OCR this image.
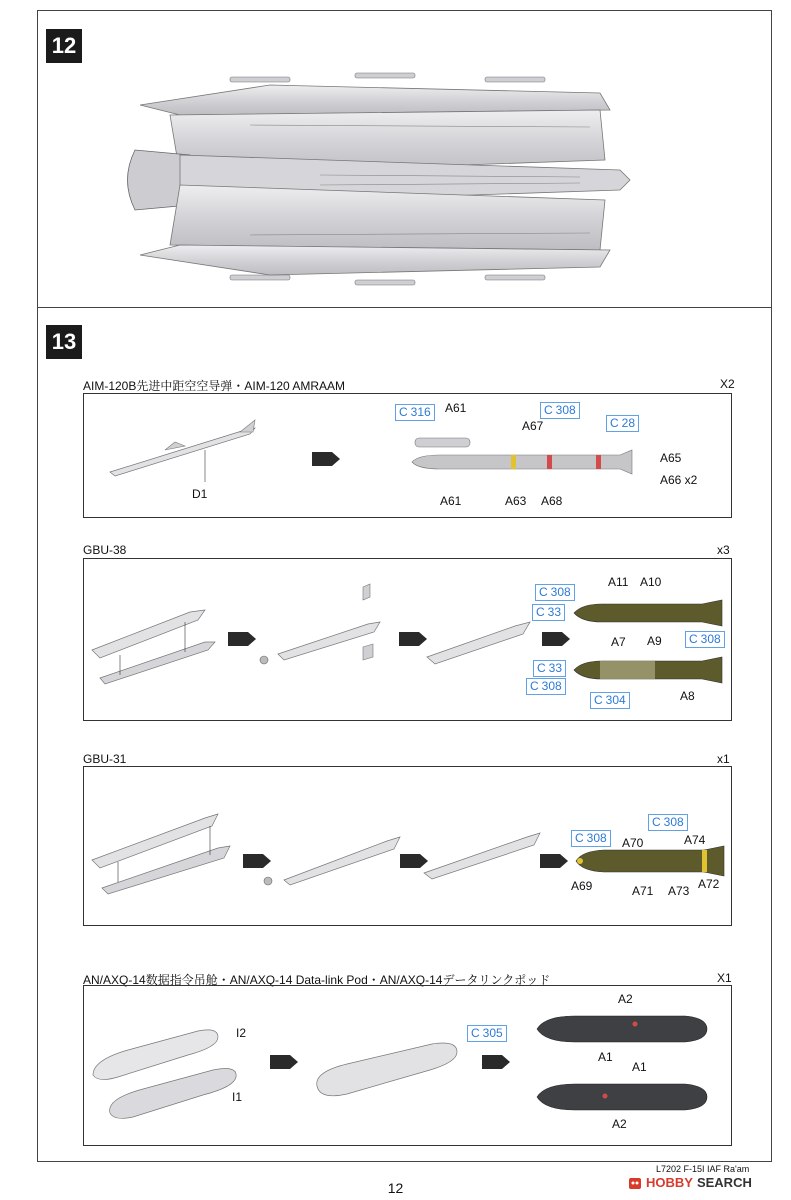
12
13
AIM-120B先进中距空空导弹・AIM-120 AMRAAM	X2
D1
C 316	A61	C 308
A67	C 28
A65
A66 x2
A61	A63 A68
GBU-38	x3
C 308
A11 A10
C 33
A7 A9	C 308
C 33
C 308
C 304	A8
GBU-31	x1
C 308
C 308	A70	A74
A69	A71 A73 A72
AN/AXQ-14数据指令吊舱・AN/AXQ-14 Data-link Pod・AN/AXQ-14データリンクポッド	X1
I2
I1
A2
C 305
A1
A1
A2
L7202 F-15I IAF Ra'am
12	HOBBY SEARCH
